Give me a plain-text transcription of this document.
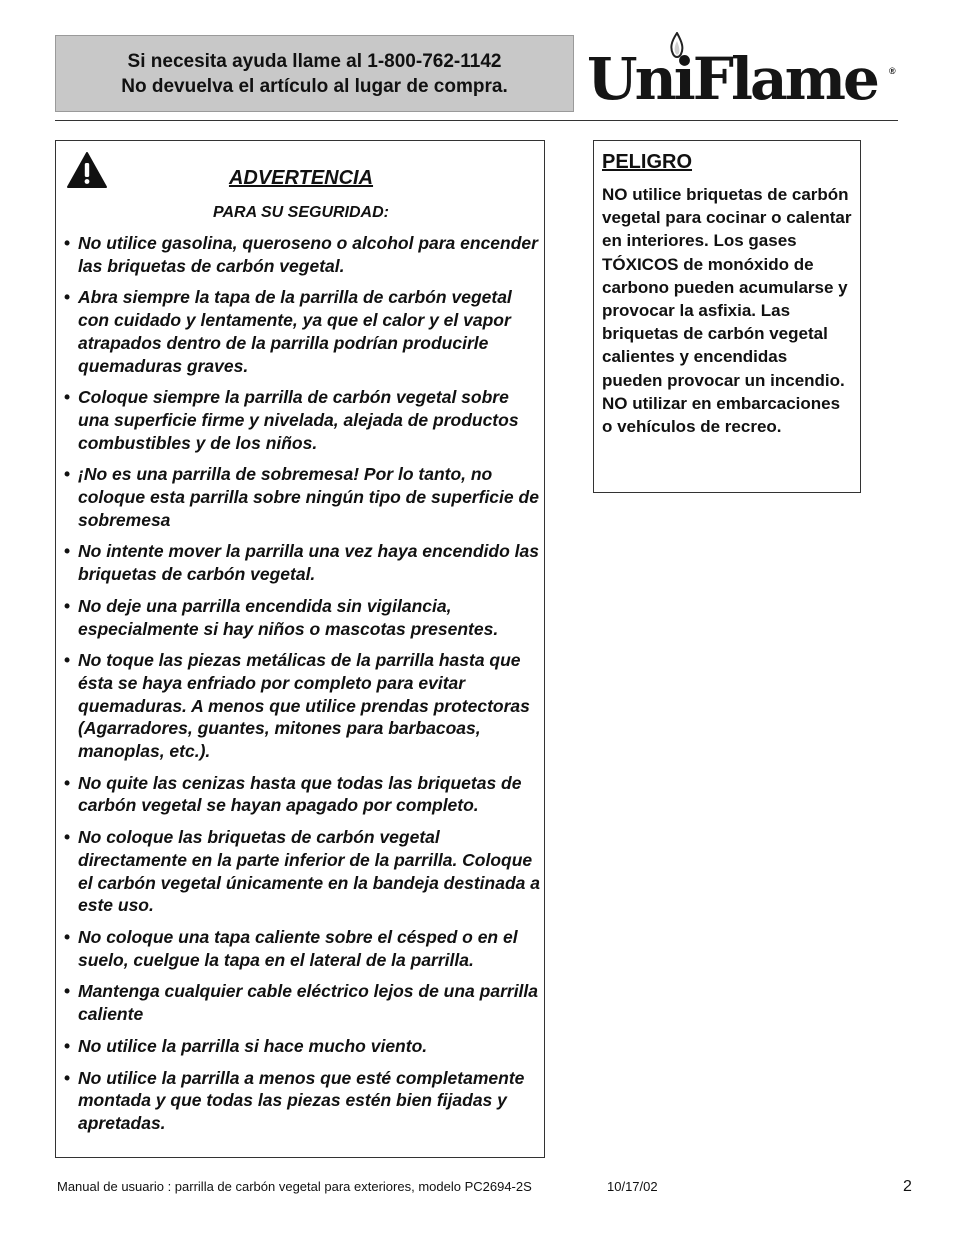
Si necesita ayuda llame al 1-800-762-1142
No devuelva el artículo al lugar de compra. UniFlame ®
ADVERTENCIA
PARA SU SEGURIDAD:
• No utilice gasolina, queroseno o alcohol para encender las briquetas de carbón vegetal.
• Abra siempre la tapa de la parrilla de carbón vegetal con cuidado y lentamente, ya que el calor y el vapor atrapados dentro de la parrilla podrían producirle quemaduras graves.
• Coloque siempre la parrilla de carbón vegetal sobre una superficie firme y nivelada, alejada de productos combustibles y de los niños.
• ¡No es una parrilla de sobremesa! Por lo tanto, no coloque esta parrilla sobre ningún tipo de superficie de sobremesa
• No intente mover la parrilla una vez haya encendido las briquetas de carbón vegetal.
• No deje una parrilla encendida sin vigilancia, especialmente si hay niños o mascotas presentes.
• No toque las piezas metálicas de la parrilla hasta que ésta se haya enfriado por completo para evitar quemaduras. A menos que utilice prendas protectoras (Agarradores, guantes, mitones para barbacoas, manoplas, etc.).
• No quite las cenizas hasta que todas las briquetas de carbón vegetal se hayan apagado por completo.
• No coloque las briquetas de carbón vegetal directamente en la parte inferior de la parrilla. Coloque el carbón vegetal únicamente en la bandeja destinada a este uso.
• No coloque una tapa caliente sobre el césped o en el suelo, cuelgue la tapa en el lateral de la parrilla.
• Mantenga cualquier cable eléctrico lejos de una parrilla caliente
• No utilice la parrilla si hace mucho viento.
• No utilice la parrilla a menos que esté completamente montada y que todas las piezas estén bien fijadas y apretadas.
PELIGRO
NO utilice briquetas de carbón vegetal para cocinar o calentar en interiores. Los gases TÓXICOS de monóxido de carbono pueden acumularse y provocar la asfixia. Las briquetas de carbón vegetal calientes y encendidas pueden provocar un incendio. NO utilizar en embarcaciones o vehículos de recreo.
Manual de usuario : parrilla de carbón vegetal para exteriores, modelo PC2694-2S	10/17/02	2
